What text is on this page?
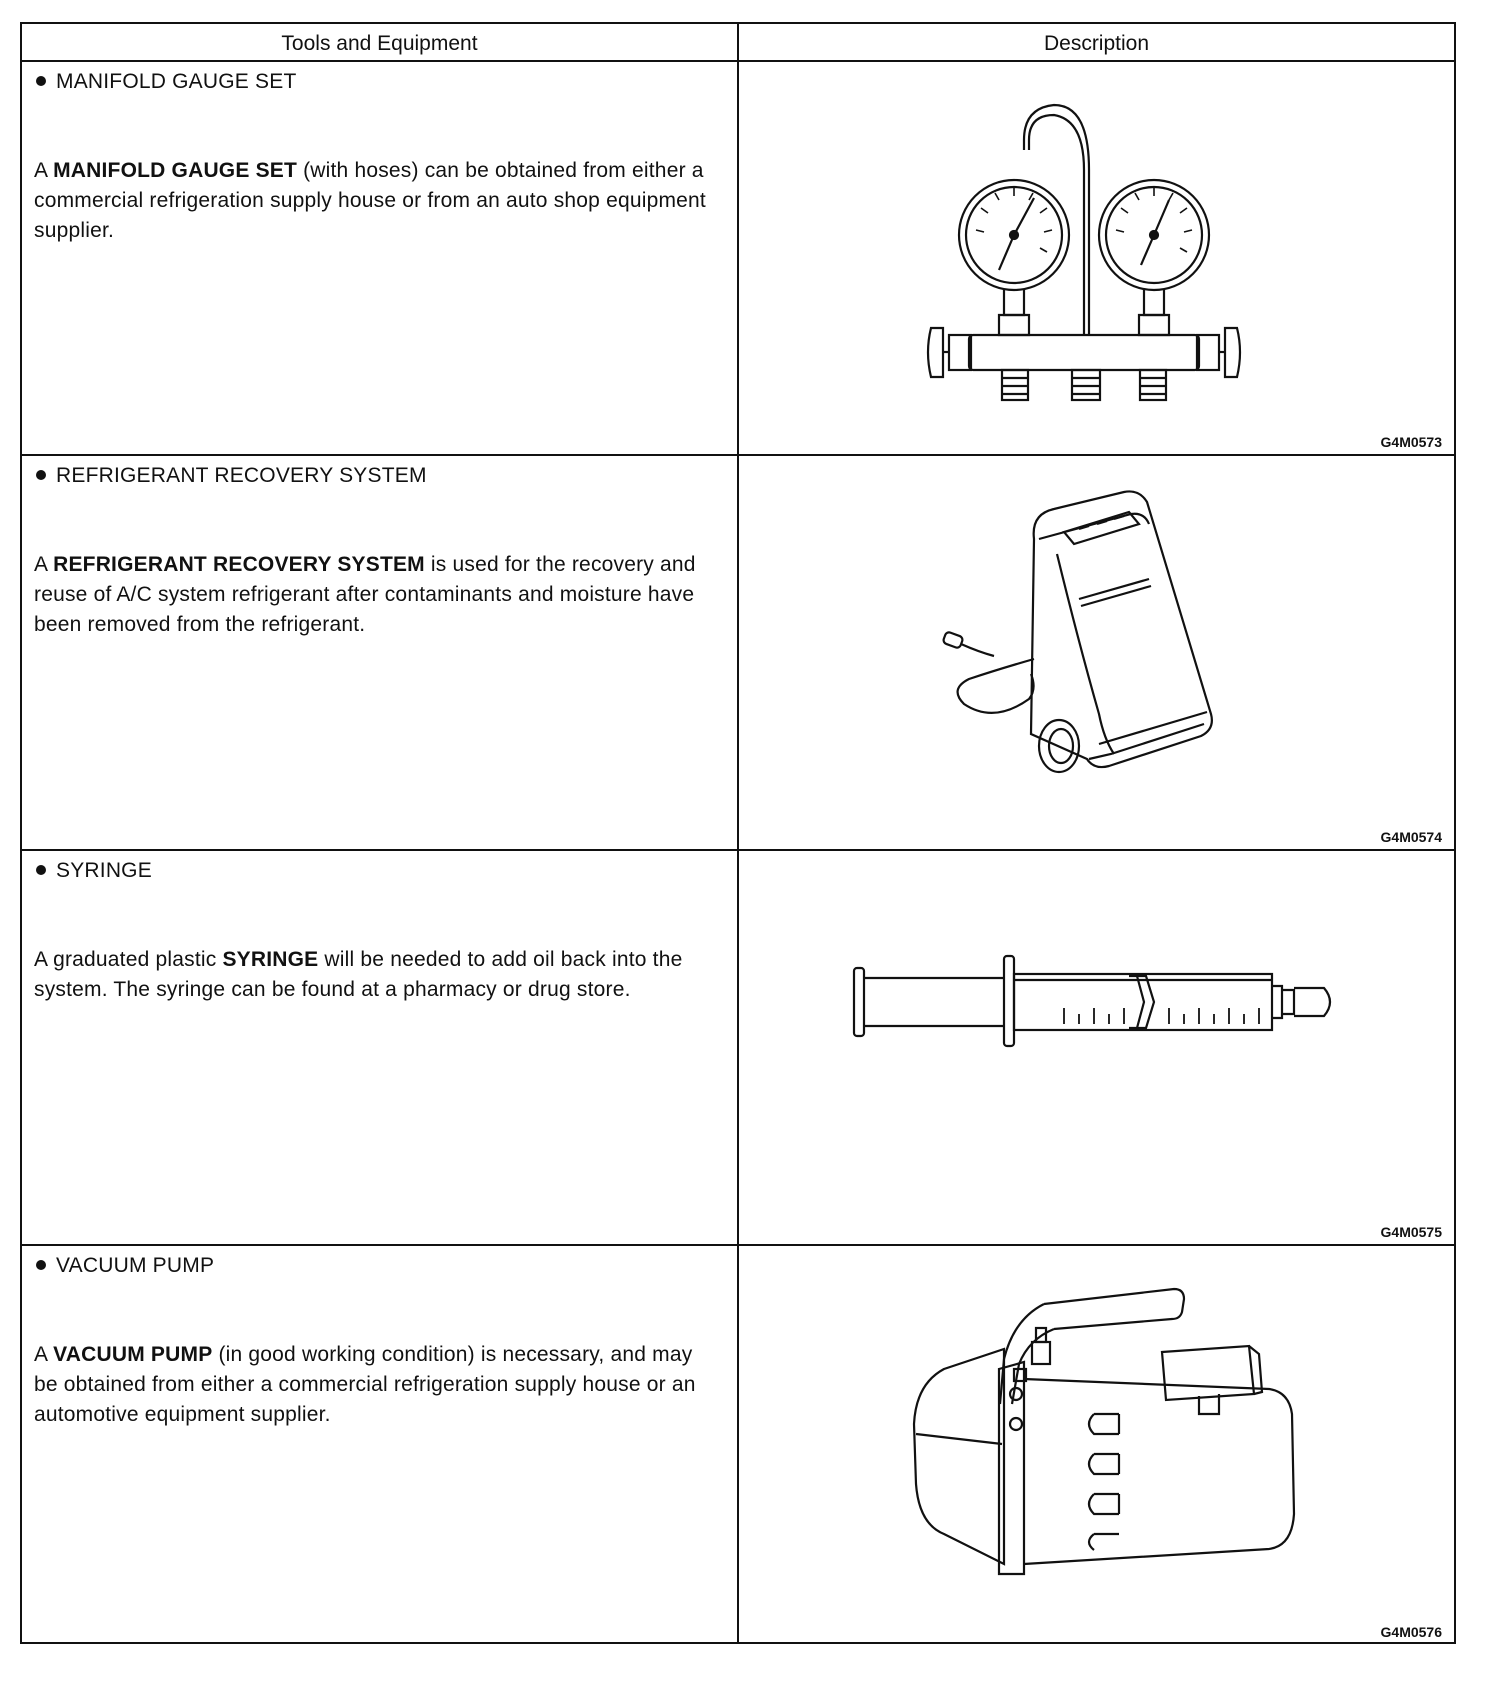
Tools and Equipment	Description
MANIFOLD GAUGE SET
A MANIFOLD GAUGE SET (with hoses) can be obtained from either a commercial refrigeration supply house or from an auto shop equipment supplier.
G4M0573
REFRIGERANT RECOVERY SYSTEM
A REFRIGERANT RECOVERY SYSTEM is used for the recovery and reuse of A/C system refrigerant after contaminants and moisture have been removed from the refrigerant.
G4M0574
SYRINGE
A graduated plastic SYRINGE will be needed to add oil back into the system. The syringe can be found at a pharmacy or drug store.
G4M0575
VACUUM PUMP
A VACUUM PUMP (in good working condition) is necessary, and may be obtained from either a commercial refrigeration supply house or an automotive equipment supplier.
G4M0576
